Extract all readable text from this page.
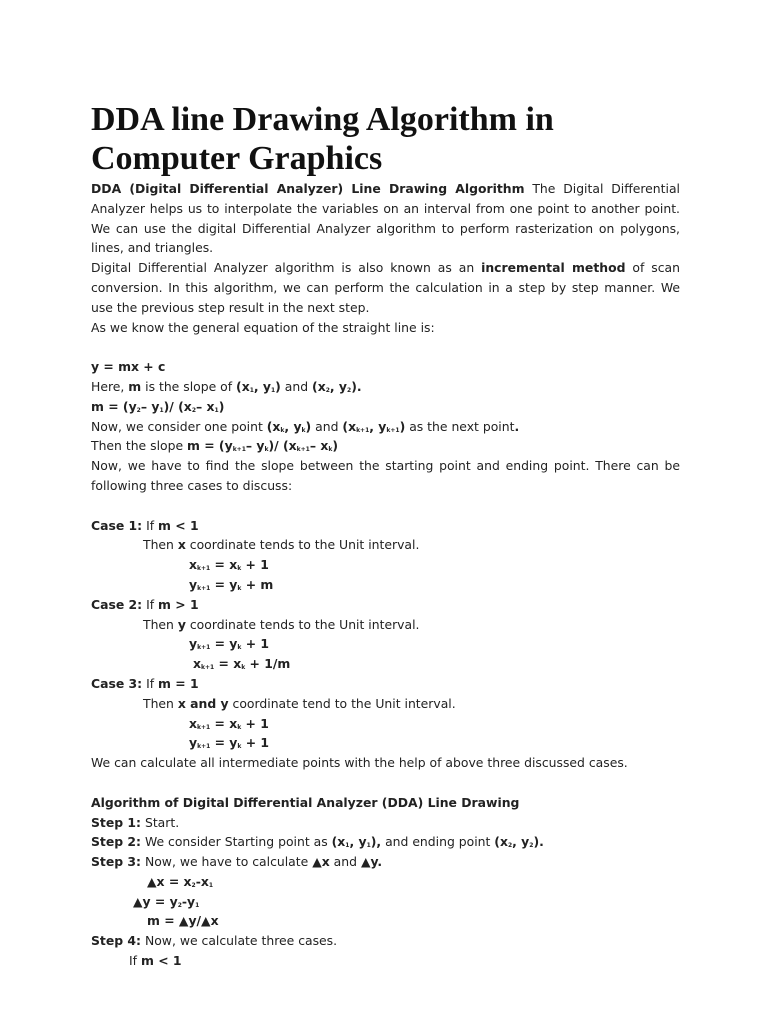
DDA line Drawing Algorithm in Computer Graphics

DDA (Digital Differential Analyzer) Line Drawing Algorithm The Digital Differential Analyzer helps us to interpolate the variables on an interval from one point to another point. We can use the digital Differential Analyzer algorithm to perform rasterization on polygons, lines, and triangles.

Digital Differential Analyzer algorithm is also known as an incremental method of scan conversion. In this algorithm, we can perform the calculation in a step by step manner. We use the previous step result in the next step.

As we know the general equation of the straight line is:

y = mx + c

Here, m is the slope of ($x_1$, $y_1$) and ($x_2$, $y_2$).

$m = (y_2-$ $y_1)/$ ($x_2-$ $x_1$)

Now, we consider one point ($x_k$, $y_k$) and ($x_{k+1}$, $y_{k+1}$) as the next point.

Then the slope $m = (y_{k+1}-$ $y_k)/$ ($x_{k+1}-$ $x_k$)

Now, we have to find the slope between the starting point and ending point. There can be following three cases to discuss:

Case 1: If m < 1

Then x coordinate tends to the Unit interval.

$x_{k+1} = x_k + 1$

$y_{k+1} = y_k + m$

Case 2: If m > 1

Then y coordinate tends to the Unit interval.

$y_{k+1} = y_k + 1$

$x_{k+1} = x_k + 1/m$

Case 3: If m = 1

Then x and y coordinate tend to the Unit interval.

$x_{k+1} = x_k + 1$

$y_{k+1} = y_k + 1$

We can calculate all intermediate points with the help of above three discussed cases.

Algorithm of Digital Differential Analyzer (DDA) Line Drawing

Step 1: Start.

Step 2: We consider Starting point as ($x_1$, $y_1$), and ending point ($x_2$, $y_2$).

Step 3: Now, we have to calculate ▲x and ▲y.

▲x = $x_2-x_1$

▲y = $y_2-y_1$

m = ▲y/▲x

Step 4: Now, we calculate three cases.

If m < 1
